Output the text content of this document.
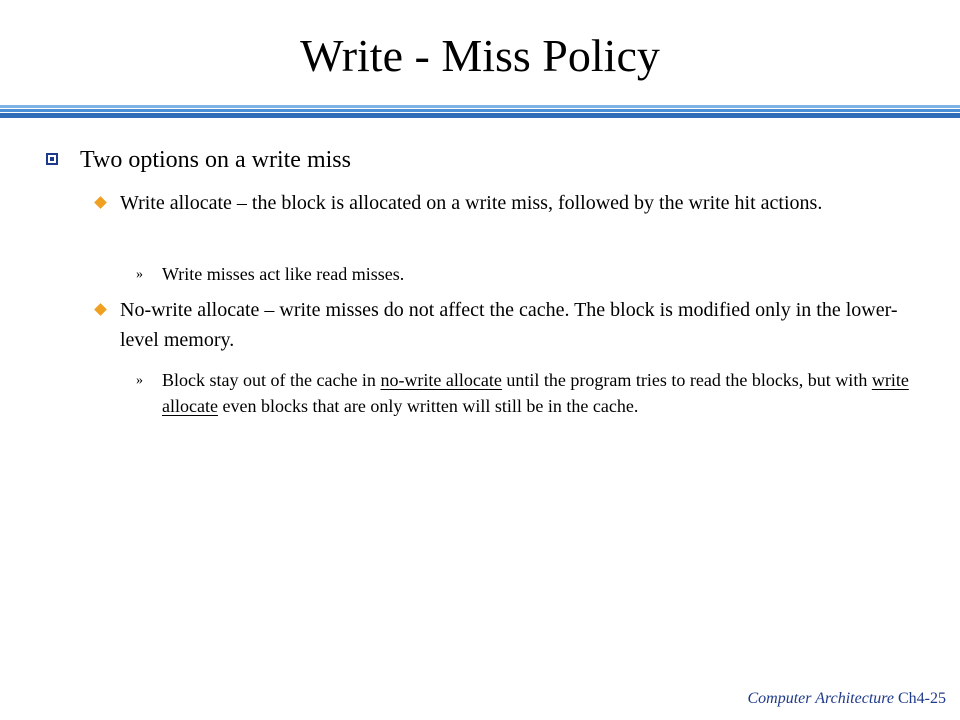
Write - Miss Policy
Two options on a write miss
Write allocate – the block is allocated on a write miss, followed by the write hit actions.
» Write misses act like read misses.
No-write allocate – write misses do not affect the cache. The block is modified only in the lower-level memory.
» Block stay out of the cache in no-write allocate until the program tries to read the blocks, but with write allocate even blocks that are only written will still be in the cache.
Computer Architecture Ch4-25
